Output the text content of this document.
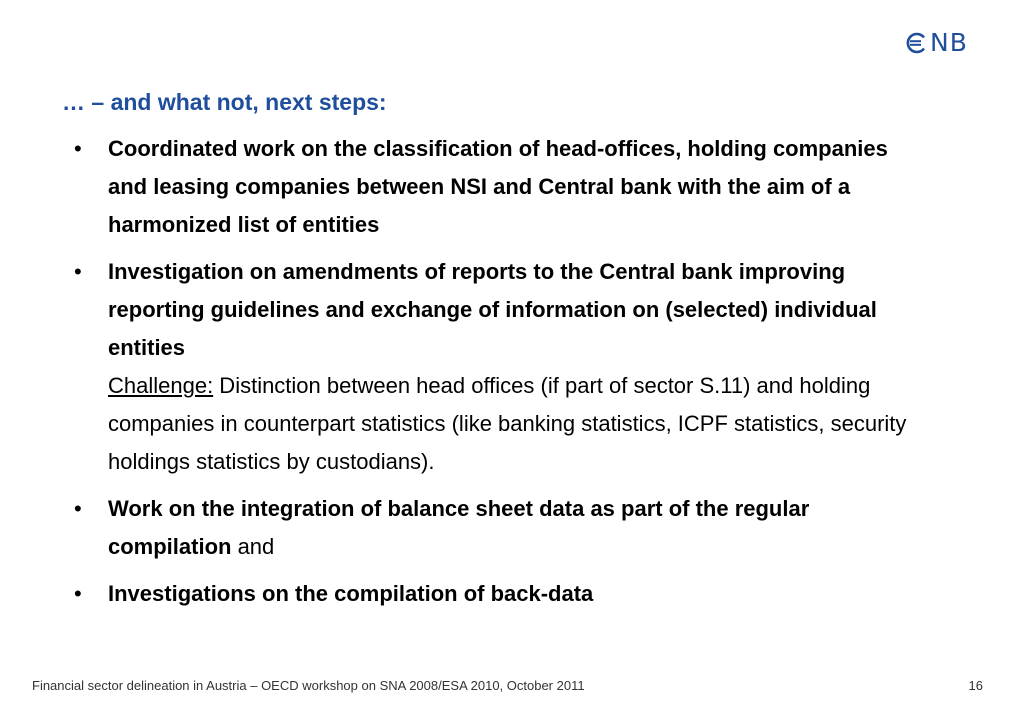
NB
… – and what not, next steps:
• Coordinated work on the classification of head-offices, holding companies and leasing companies between NSI and Central bank with the aim of a harmonized list of entities
• Investigation on amendments of reports to the Central bank improving reporting guidelines and exchange of information on (selected) individual entities
Challenge: Distinction between head offices (if part of sector S.11) and holding companies in counterpart statistics (like banking statistics, ICPF statistics, security holdings statistics by custodians).
• Work on the integration of balance sheet data as part of the regular compilation and
• Investigations on the compilation of back-data
Financial sector delineation in Austria – OECD workshop on SNA 2008/ESA 2010, October 2011	16
